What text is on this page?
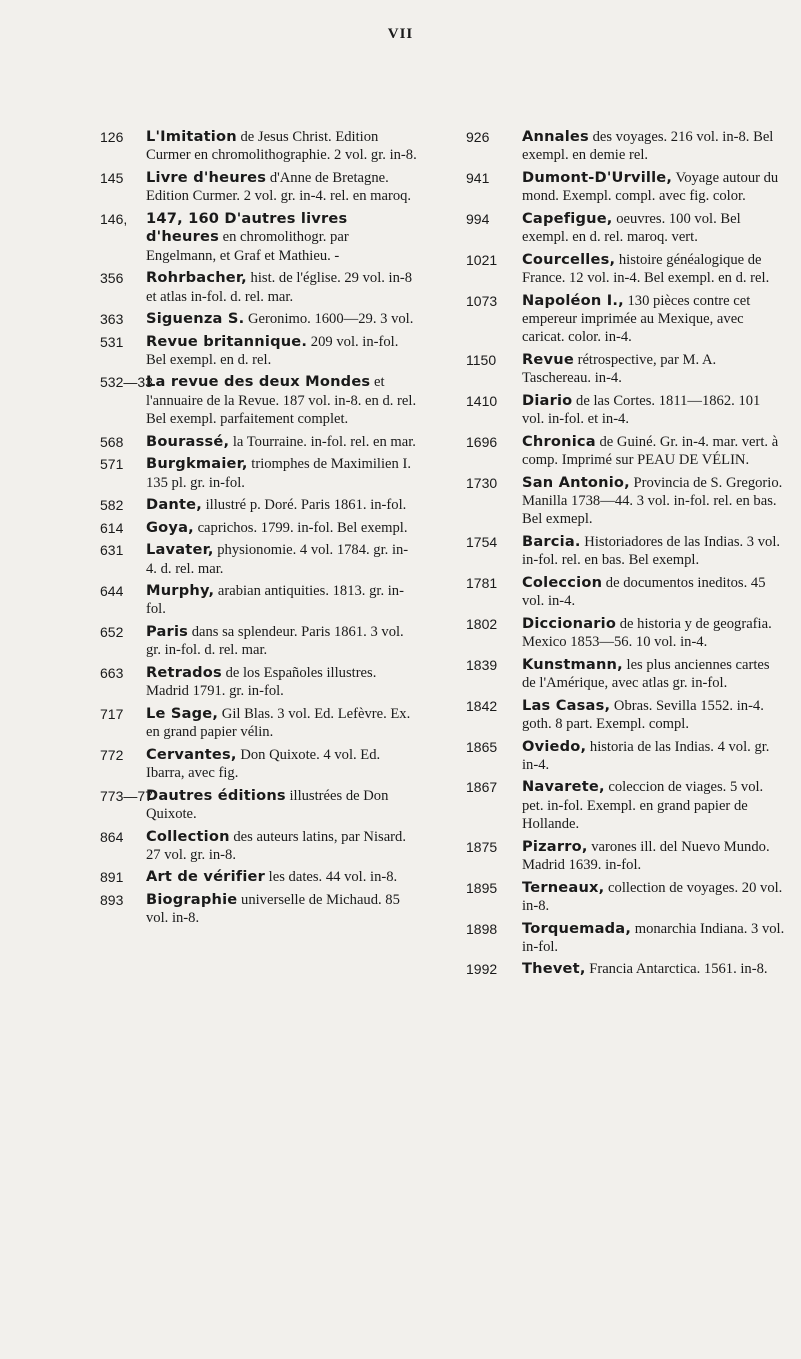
VII
126 L'Imitation de Jesus Christ. Edition Curmer en chromolithographie. 2 vol. gr. in-8.
145 Livre d'heures d'Anne de Bretagne. Edition Curmer. 2 vol. gr. in-4. rel. en maroq.
146, 147, 160 D'autres livres d'heures en chromolithogr. par Engelmann, et Graf et Mathieu. -
356 Rohrbacher, hist. de l'église. 29 vol. in-8 et atlas in-fol. d. rel. mar.
363 Siguenza S. Geronimo. 1600—29. 3 vol.
531 Revue britannique. 209 vol. in-fol. Bel exempl. en d. rel.
532—33
La revue des deux Mondes et l'annuaire de la Revue. 187 vol. in-8. en d. rel. Bel exempl. parfaitement complet.
568 Bourassé, la Tourraine. in-fol. rel. en mar.
571 Burgkmaier, triomphes de Maximilien I. 135 pl. gr. in-fol.
582 Dante, illustré p. Doré. Paris 1861. in-fol.
614 Goya, caprichos. 1799. in-fol. Bel exempl.
631 Lavater, physionomie. 4 vol. 1784. gr. in-4. d. rel. mar.
644 Murphy, arabian antiquities. 1813. gr. in-fol.
652 Paris dans sa splendeur. Paris 1861. 3 vol. gr. in-fol. d. rel. mar.
663 Retrados de los Españoles illustres. Madrid 1791. gr. in-fol.
717 Le Sage, Gil Blas. 3 vol. Ed. Lefèvre. Ex. en grand papier vélin.
772 Cervantes, Don Quixote. 4 vol. Ed. Ibarra, avec fig.
773—77
Dautres éditions illustrées de Don Quixote.
864 Collection des auteurs latins, par Nisard. 27 vol. gr. in-8.
891 Art de vérifier les dates. 44 vol. in-8.
893 Biographie universelle de Michaud. 85 vol. in-8.
926 Annales des voyages. 216 vol. in-8. Bel exempl. en demie rel.
941 Dumont-D'Urville, Voyage autour du mond. Exempl. compl. avec fig. color.
994 Capefigue, oeuvres. 100 vol. Bel exempl. en d. rel. maroq. vert.
1021 Courcelles, histoire généalogique de France. 12 vol. in-4. Bel exempl. en d. rel.
1073 Napoléon I., 130 pièces contre cet empereur imprimée au Mexique, avec caricat. color. in-4.
1150 Revue rétrospective, par M. A. Taschereau. in-4.
1410 Diario de las Cortes. 1811—1862. 101 vol. in-fol. et in-4.
1696 Chronica de Guiné. Gr. in-4. mar. vert. à comp. Imprimé sur PEAU DE VÉLIN.
1730 San Antonio, Provincia de S. Gregorio. Manilla 1738—44. 3 vol. in-fol. rel. en bas. Bel exmepl.
1754 Barcia. Historiadores de las Indias. 3 vol. in-fol. rel. en bas. Bel exempl.
1781 Coleccion de documentos ineditos. 45 vol. in-4.
1802 Diccionario de historia y de geografia. Mexico 1853—56. 10 vol. in-4.
1839 Kunstmann, les plus anciennes cartes de l'Amérique, avec atlas gr. in-fol.
1842 Las Casas, Obras. Sevilla 1552. in-4. goth. 8 part. Exempl. compl.
1865 Oviedo, historia de las Indias. 4 vol. gr. in-4.
1867 Navarete, coleccion de viages. 5 vol. pet. in-fol. Exempl. en grand papier de Hollande.
1875 Pizarro, varones ill. del Nuevo Mundo. Madrid 1639. in-fol.
1895 Terneaux, collection de voyages. 20 vol. in-8.
1898 Torquemada, monarchia Indiana. 3 vol. in-fol.
1992 Thevet, Francia Antarctica. 1561. in-8.
